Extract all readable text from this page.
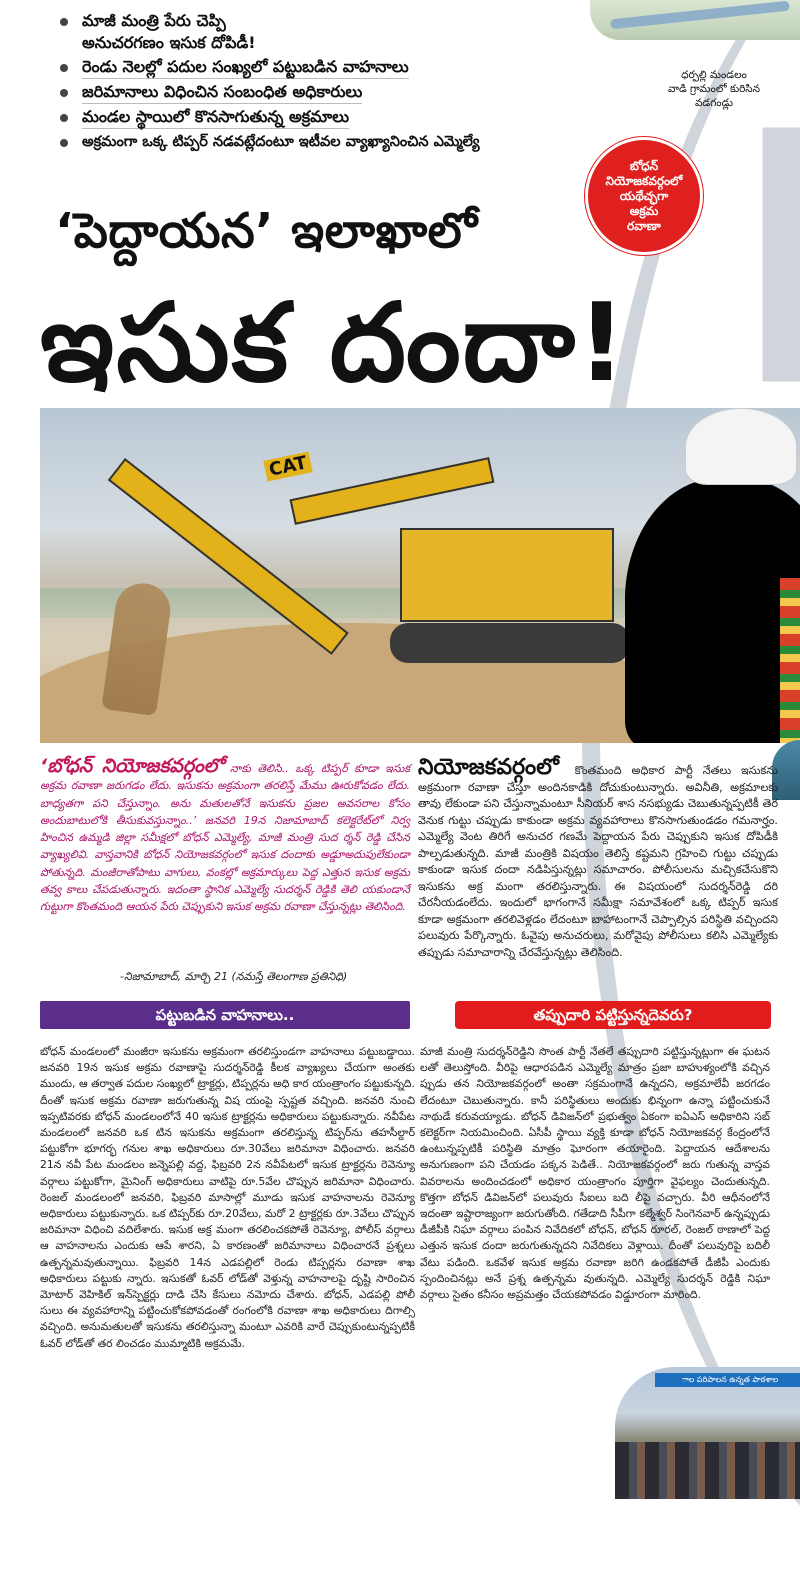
ధర్పల్లి మండలం
వాడి గ్రామంలో కురిసిన
వడగండ్లు
మాజీ మంత్రి పేరు చెప్పి
అనుచరగణం ఇసుక దోపిడీ!
రెండు నెలల్లో పదుల సంఖ్యలో పట్టుబడిన వాహనాలు
జరిమానాలు విధించిన సంబంధిత అధికారులు
మండల స్థాయిలో కొనసాగుతున్న అక్రమాలు
అక్రమంగా ఒక్క టిప్పర్ నడవట్లేదంటూ ఇటీవల వ్యాఖ్యానించిన ఎమ్మెల్యే
బోధన్
నియోజకవర్గంలో
యథేచ్ఛగా
అక్రమ
రవాణా
‘పెద్దాయన’ ఇలాఖాలో
ఇసుక దందా!
CAT
‘బోధన్ నియోజకవర్గంలో నాకు తెలిసి.. ఒక్క టిప్పర్ కూడా ఇసుక అక్రమ రవాణా జరుగడం లేదు. ఇసుకను అక్రమంగా తరలిస్తే మేము ఊరుకోవడం లేదు. బాధ్యతగా పని చేస్తున్నాం. అను మతులతోనే ఇసుకను ప్రజల అవసరాల కోసం అందుబాటులోకి తీసుకువస్తున్నాం..’ జనవరి 19న నిజామాబాద్ కలెక్టరేట్‌లో నిర్వ హించిన ఉమ్మడి జిల్లా సమీక్షలో బోధన్ ఎమ్మెల్యే, మాజీ మంత్రి సుద ర్శన్ రెడ్డి చేసిన వ్యాఖ్యలివి. వాస్తవానికి బోధన్ నియోజకవర్గంలో ఇసుక దందాకు అడ్డూఅదుపులేకుండా పోతున్నది. మంజీరాతోపాటు వాగులు, వంకల్లో అక్రమార్కులు పెద్ద ఎత్తున ఇసుక అక్రమ తవ్వ కాలు చేపడుతున్నారు. ఇదంతా స్థానిక ఎమ్మెల్యే సుదర్శన్ రెడ్డికి తెలి యకుండానే గుట్టుగా కొంతమంది ఆయన పేరు చెప్పుకుని ఇసుక అక్రమ రవాణా చేస్తున్నట్లు తెలిసింది.
-నిజామాబాద్, మార్చి 21 (నమస్తే తెలంగాణ ప్రతినిధి)
నియోజకవర్గంలో కొంతమంది అధికార పార్టీ నేతలు ఇసుకను అక్రమంగా రవాణా చేస్తూ అందినకాడికి దోచుకుంటున్నారు. అవినీతి, అక్రమాలకు తావు లేకుండా పని చేస్తున్నామంటూ సీనియర్ శాస నసభ్యుడు చెబుతున్నప్పటికీ తెర వెనుక గుట్టు చప్పుడు కాకుండా అక్రమ వ్యవహారాలు కొనసాగుతుండడం గమనార్హం. ఎమ్మెల్యే వెంట తిరిగే అనుచర గణమే పెద్దాయన పేరు చెప్పుకుని ఇసుక దోపిడీకి పాల్పడుతున్నది. మాజీ మంత్రికి విషయం తెలిస్తే కష్టమని గ్రహించి గుట్టు చప్పుడు కాకుండా ఇసుక దందా నడిపిస్తున్నట్లు సమాచారం. పోలీసులను మచ్చికచేసుకొని ఇసుకను అక్ర మంగా తరలిస్తున్నారు. ఈ విషయంలో సుదర్శన్‌రెడ్డి దరి చేరనీయడంలేదు. ఇందులో భాగంగానే సమీక్షా సమావేశంలో ఒక్క టిప్పర్ ఇసుక కూడా అక్రమంగా తరలివెళ్లడం లేదంటూ బాహాటంగానే చెప్పాల్సిన పరిస్థితి వచ్చిందని పలువురు పేర్కొన్నారు. ఓవైపు అనుచరులు, మరోవైపు పోలీసులు కలిసి ఎమ్మెల్యేకు తప్పుడు సమాచారాన్ని చేరవేస్తున్నట్లు తెలిసింది.
పట్టుబడిన వాహనాలు..	తప్పుదారి పట్టిస్తున్నదెవరు?
బోధన్ మండలంలో మంజీరా ఇసుకను అక్రమంగా తరలిస్తుండగా వాహనాలు పట్టుబడ్డాయి. జనవరి 19న ఇసుక అక్రమ రవాణాపై సుదర్శన్‌రెడ్డి కీలక వ్యాఖ్యలు చేయగా అంతకు ముందు, ఆ తర్వాత పదుల సంఖ్యలో ట్రాక్టర్లు, టిప్పర్లను అధి కార యంత్రాంగం పట్టుకున్నది. దీంతో ఇసుక అక్రమ రవాణా జరుగుతున్న విష యంపై స్పష్టత వచ్చింది. జనవరి నుంచి ఇప్పటివరకు బోధన్ మండలంలోనే 40 ఇసుక ట్రాక్టర్లను అధికారులు పట్టుకున్నారు. నవీపేట మండలంలో జనవరి ఒక టిన ఇసుకను అక్రమంగా తరలిస్తున్న టిప్పర్‌ను తహసీల్దార్ పట్టుకోగా భూగర్భ గనుల శాఖ అధికారులు రూ.30వేలు జరిమానా విధించారు. జనవరి 21న నవీ పేట మండలం జన్నెపల్లి వద్ద, ఫిబ్రవరి 2న నవీపేటలో ఇసుక ట్రాక్టర్లను రెవెన్యూ వర్గాలు పట్టుకోగా, మైనింగ్ అధికారులు వాటిపై రూ.5వేల చొప్పున జరిమానా విధించారు. రెంజల్ మండలంలో జనవరి, ఫిబ్రవరి మాసాల్లో మూడు ఇసుక వాహనాలను రెవెన్యూ అధికారులు పట్టుకున్నారు. ఒక టిప్పర్‌కు రూ.20వేలు, మరో 2 ట్రాక్టర్లకు రూ.3వేలు చొప్పున జరిమానా విధించి వదిలేశారు. ఇసుక అక్ర మంగా తరలించకపోతే రెవెన్యూ, పోలీస్ వర్గాలు ఆ వాహనాలను ఎందుకు ఆపే శారని, ఏ కారణంతో జరిమానాలు విధించారనే ప్రశ్నలు ఉత్పన్నమవుతున్నాయి. ఫిబ్రవరి 14న ఎడపల్లిలో రెండు టిప్పర్లను రవాణా శాఖ అధికారులు పట్టుకు న్నారు. ఇసుకతో ఓవర్ లోడ్‌తో వెళ్తున్న వాహనాలపై దృష్టి సారించిన మోటార్ వెహికిల్ ఇన్‌స్పెక్టర్లు దాడి చేసి కేసులు నమోదు చేశారు. బోధన్, ఎడపల్లి పోలీ సులు ఈ వ్యవహారాన్ని పట్టించుకోకపోవడంతో రంగంలోకి రవాణా శాఖ అధికారులు దిగాల్సి వచ్చింది. అనుమతులతో ఇసుకను తరలిస్తున్నా మంటూ ఎవరికి వారే చెప్పుకుంటున్నప్పటికీ ఓవర్ లోడ్‌తో తర లించడం ముమ్మాటికి అక్రమమే.
మాజీ మంత్రి సుదర్శన్‌రెడ్డిని సొంత పార్టీ నేతలే తప్పుదారి పట్టిస్తున్నట్లుగా ఈ ఘటన లతో తెలుస్తోంది. వీరిపై ఆధారపడిన ఎమ్మెల్యే మాత్రం ప్రజా బాహుళ్యంలోకి వచ్చిన ప్పుడు తన నియోజకవర్గంలో అంతా సక్రమంగానే ఉన్నదని, అక్రమాలేవీ జరగడం లేదంటూ చెబుతున్నారు. కానీ పరిస్థితులు అందుకు భిన్నంగా ఉన్నా పట్టించుకునే నాథుడే కరువయ్యాడు. బోధన్ డివిజన్‌లో ప్రభుత్వం ఏకంగా ఐఏఎస్ అధికారిని సబ్ కలెక్టర్‌గా నియమించింది. ఏసీపీ స్థాయి వ్యక్తి కూడా బోధన్ నియోజకవర్గ కేంద్రంలోనే ఉంటున్నప్పటికీ పరిస్థితి మాత్రం ఘోరంగా తయారైంది. పెద్దాయన ఆదేశాలను అనుగుణంగా పని చేయడం పక్కన పెడితే.. నియోజకవర్గంలో జరు గుతున్న వాస్తవ వివరాలను అందించడంలో అధికార యంత్రాంగం పూర్తిగా వైఫల్యం చెందుతున్నది. కొత్తగా బోధన్ డివిజన్‌లో పలువురు సీఐలు బది లీపై వచ్చారు. వీరి ఆధీనంలోనే ఇదంతా ఇష్టారాజ్యంగా జరుగుతోంది. గతేడాది సీపీగా కల్మేశ్వర్ సింగెనవార్ ఉన్నప్పుడు డీజీపీకి నిఘా వర్గాలు పంపిన నివేదికలో బోధన్, బోధన్ రూరల్, రెంజల్ ఠాణాలో పెద్ద ఎత్తున ఇసుక దందా జరుగుతున్నదని నివేదికలు వెళ్లాయి. దీంతో పలువురిపై బదిలీ వేటు పడింది. ఒకవేళ ఇసుక అక్రమ రవాణా జరిగి ఉండకపోతే డీజీపీ ఎందుకు స్పందించినట్లు అనే ప్రశ్న ఉత్పన్నమ వుతున్నది. ఎమ్మెల్యే సుదర్శన్ రెడ్డికి నిఘా వర్గాలు సైతం కనీసం అప్రమత్తం చేయకపోవడం విడ్డూరంగా మారింది.
ాల పరిపాలన ఉన్నత పాఠశాల
